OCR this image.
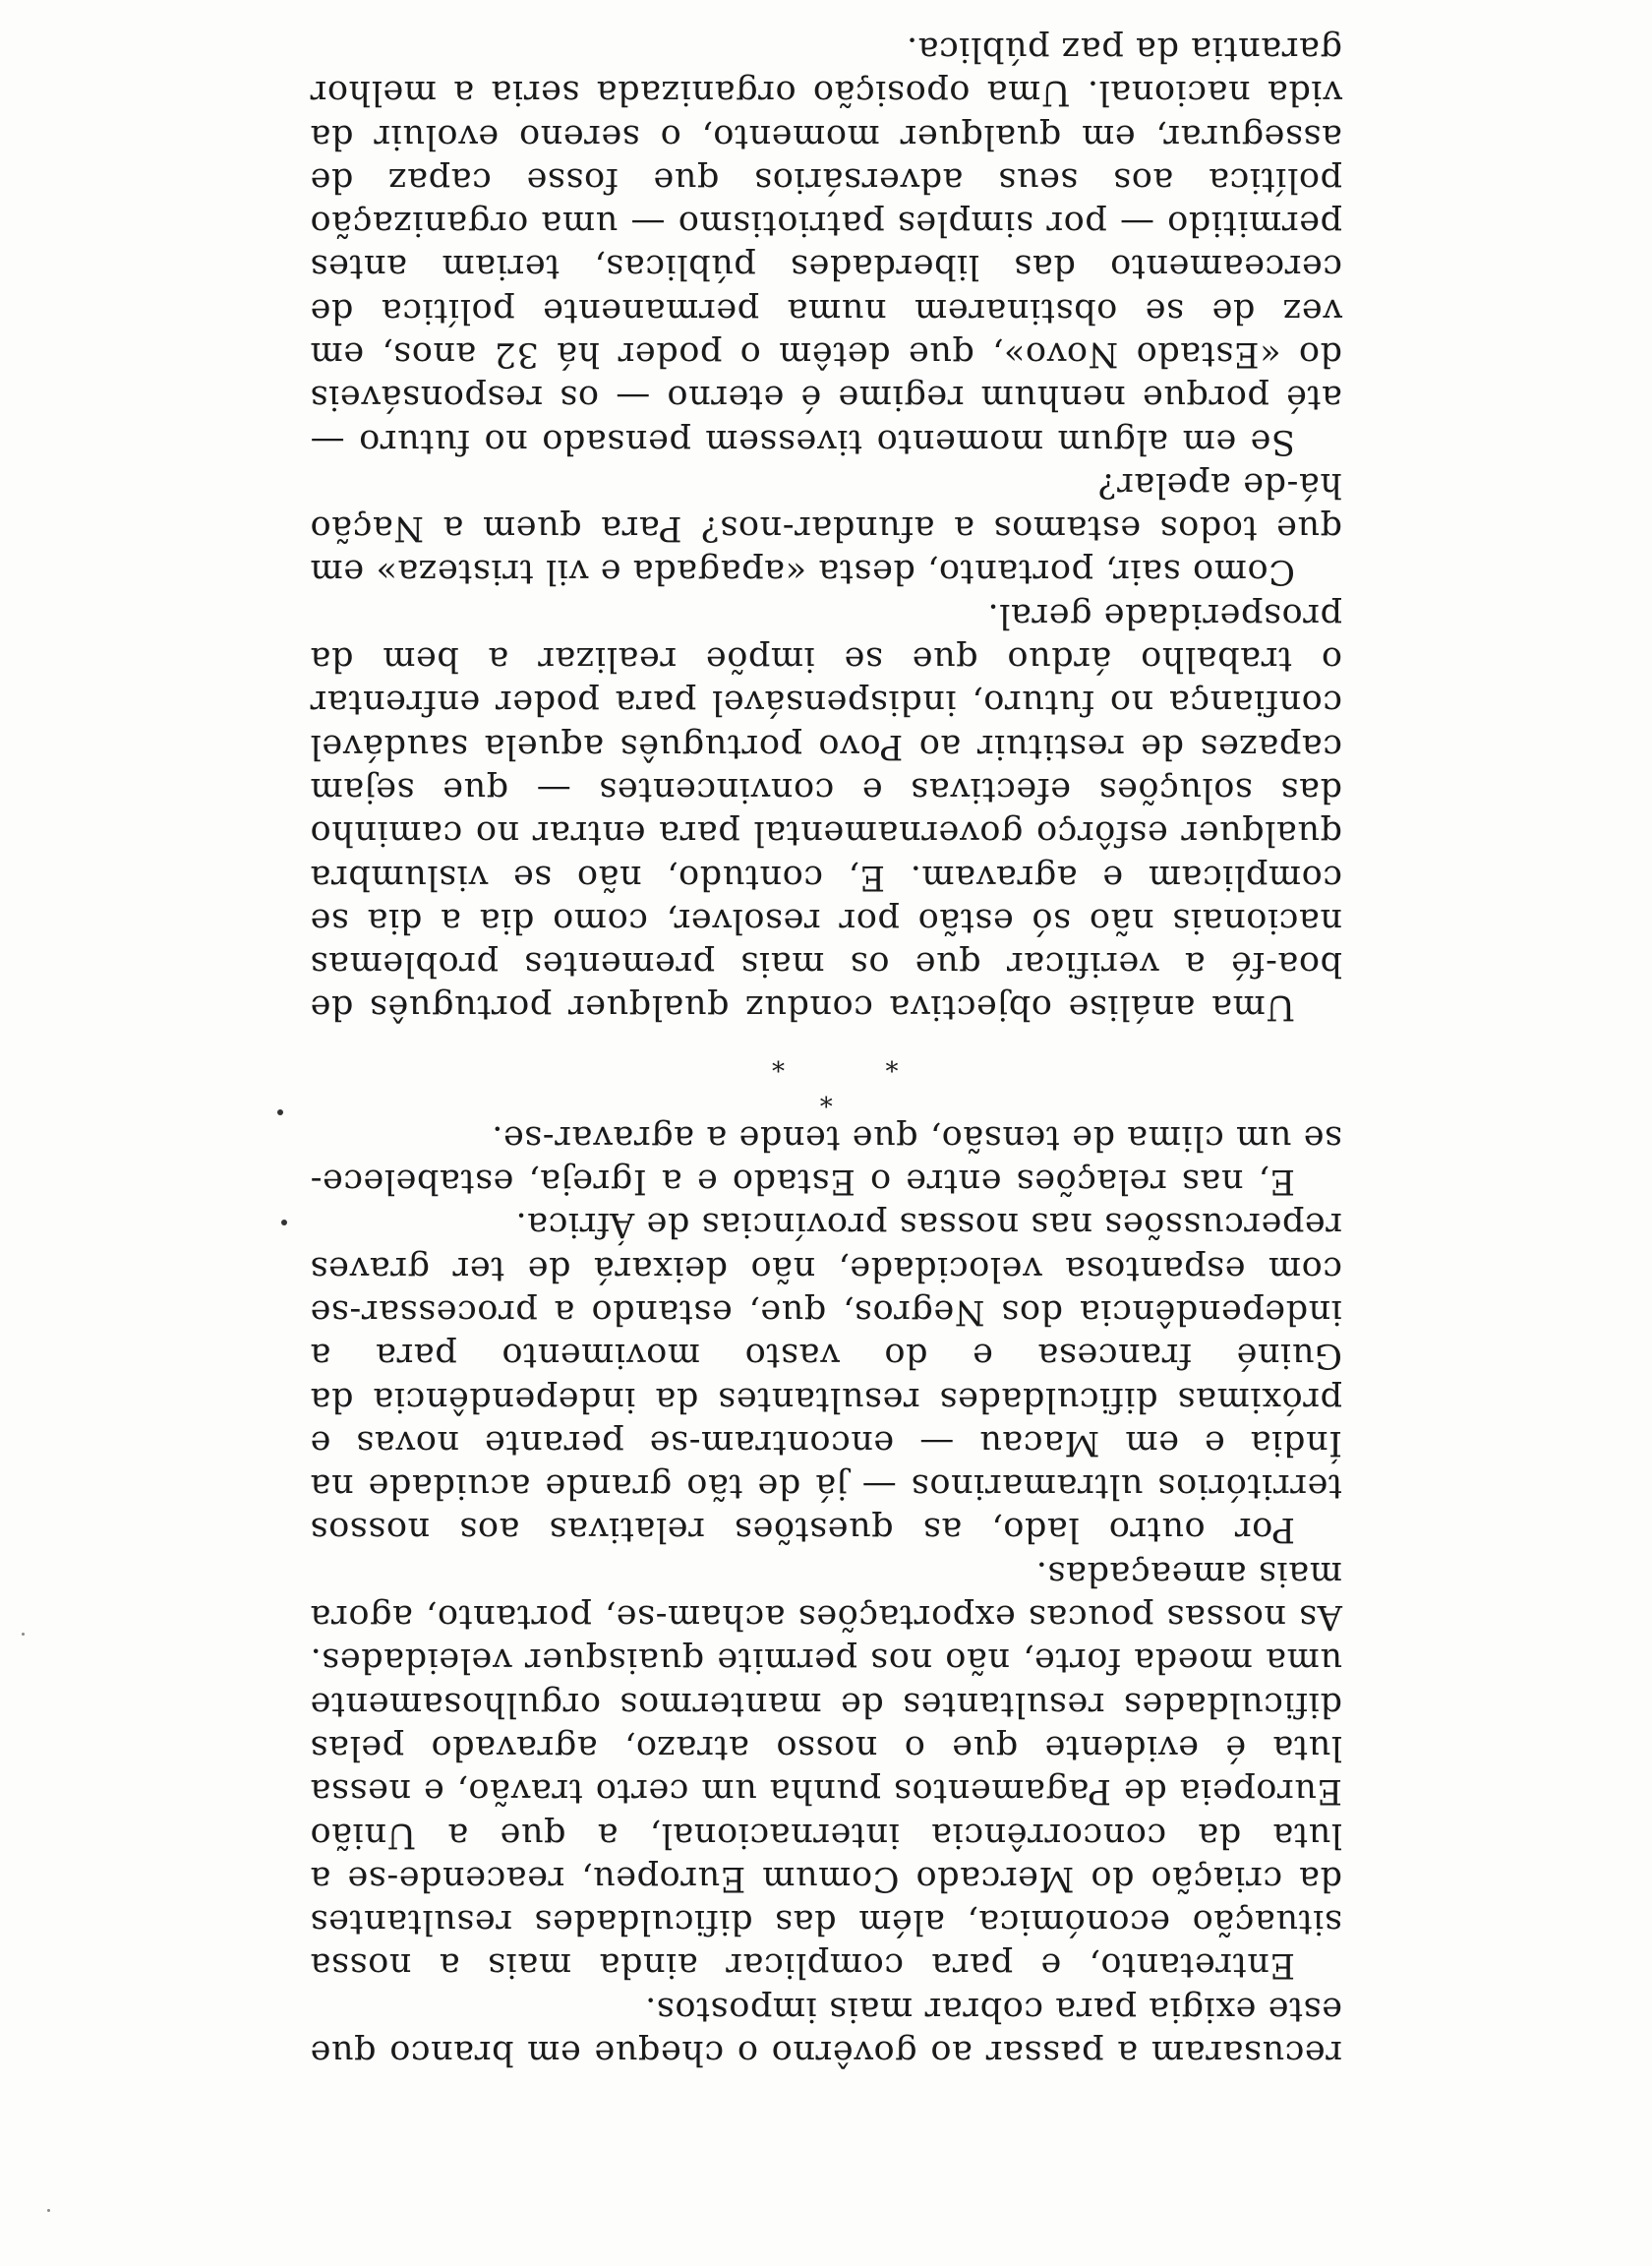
recusaram a passar ao govêrno o cheque em branco que este exigia para cobrar mais impostos.

Entretanto, e para complicar ainda mais a nossa situação económica, além das dificuldades resultantes da criação do Mercado Comum Europeu, reacende-se a luta da concorrência internacional, a que a União Europeia de Pagamentos punha um certo travão, e nessa luta é evidente que o nosso atrazo, agravado pelas dificuldades resultantes de mantermos orgulhosamente uma moeda forte, não nos permite quaisquer veleidades. As nossas poucas exportações acham-se, portanto, agora mais ameaçadas.

Por outro lado, as questões relativas aos nossos territórios ultramarinos — já de tão grande acuidade na Índia e em Macau — encontram-se perante novas e próximas dificuldades resultantes da independência da Guiné francesa e do vasto movimento para a independência dos Negros, que, estando a processar-se com espantosa velocidade, não deixará de ter graves repercussões nas nossas províncias de África.

E, nas relações entre o Estado e a Igreja, estabelece-se um clima de tensão, que tende a agravar-se.

*
*
*

Uma análise objectiva conduz qualquer português de boa-fé a verificar que os mais prementes problemas nacionais não só estão por resolver, como dia a dia se complicam e agravam. E, contudo, não se vislumbra qualquer esfôrço governamental para entrar no caminho das soluções efectivas e convincentes — que sejam capazes de restituir ao Povo português aquela saudável confiança no futuro, indispensável para poder enfrentar o trabalho árduo que se impõe realizar a bem da prosperidade geral.

Como sair, portanto, desta «apagada e vil tristeza» em que todos estamos a afundar-nos? Para quem a Nação há-de apelar?

Se em algum momento tivessem pensado no futuro — até porque nenhum regime é eterno — os responsáveis do «Estado Novo», que detêm o poder há 32 anos, em vez de se obstinarem numa permanente política de cerceamento das liberdades públicas, teriam antes permitido — por simples patriotismo — uma organização política aos seus adversários que fosse capaz de assegurar, em qualquer momento, o sereno evoluir da vida nacional. Uma oposição organizada seria a melhor garantia da paz pública.
